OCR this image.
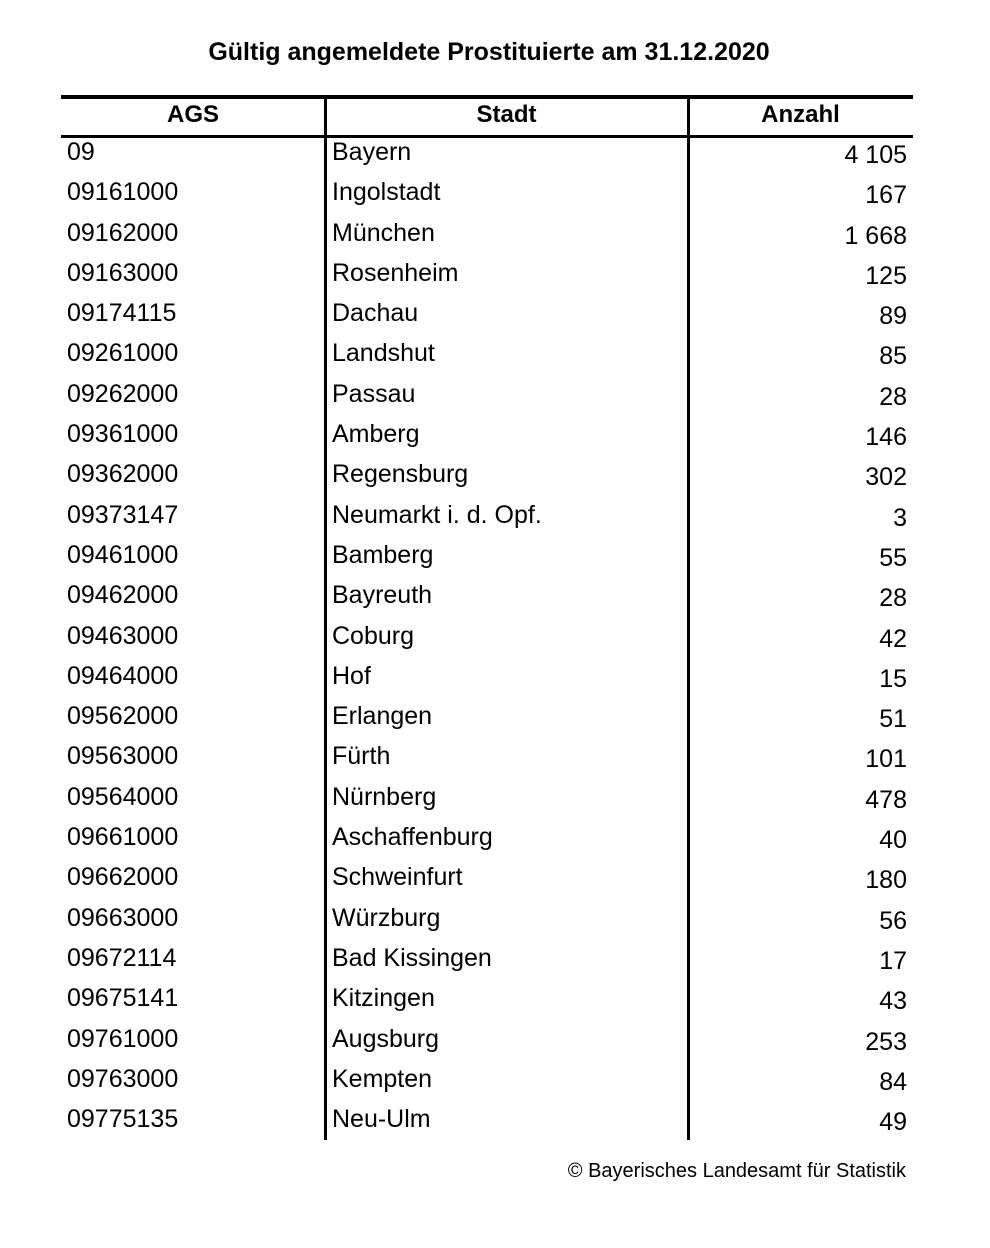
Gültig angemeldete Prostituierte am 31.12.2020
AGS	Stadt	Anzahl
09	Bayern	4 105
09161000	Ingolstadt	167
09162000	München	1 668
09163000	Rosenheim	125
09174115	Dachau	89
09261000	Landshut	85
09262000	Passau	28
09361000	Amberg	146
09362000	Regensburg	302
09373147	Neumarkt i. d. Opf.	3
09461000	Bamberg	55
09462000	Bayreuth	28
09463000	Coburg	42
09464000	Hof	15
09562000	Erlangen	51
09563000	Fürth	101
09564000	Nürnberg	478
09661000	Aschaffenburg	40
09662000	Schweinfurt	180
09663000	Würzburg	56
09672114	Bad Kissingen	17
09675141	Kitzingen	43
09761000	Augsburg	253
09763000	Kempten	84
09775135	Neu-Ulm	49
© Bayerisches Landesamt für Statistik
